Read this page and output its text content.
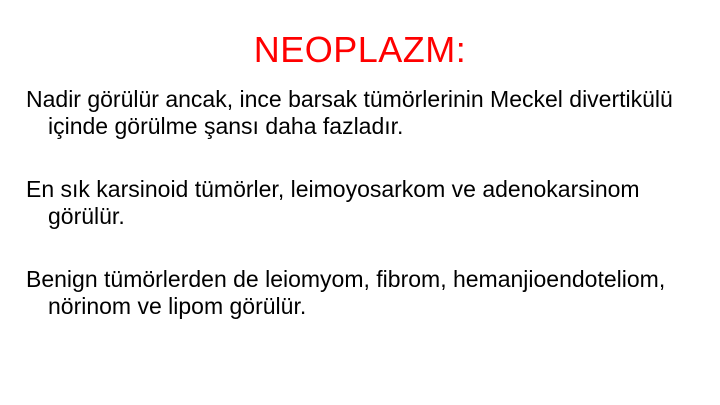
NEOPLAZM:

Nadir görülür ancak, ince barsak tümörlerinin Meckel divertikülü içinde görülme şansı daha fazladır.

En sık karsinoid tümörler, leimoyosarkom ve adenokarsinom görülür.

Benign tümörlerden de leiomyom, fibrom, hemanjioendoteliom, nörinom ve lipom görülür.
